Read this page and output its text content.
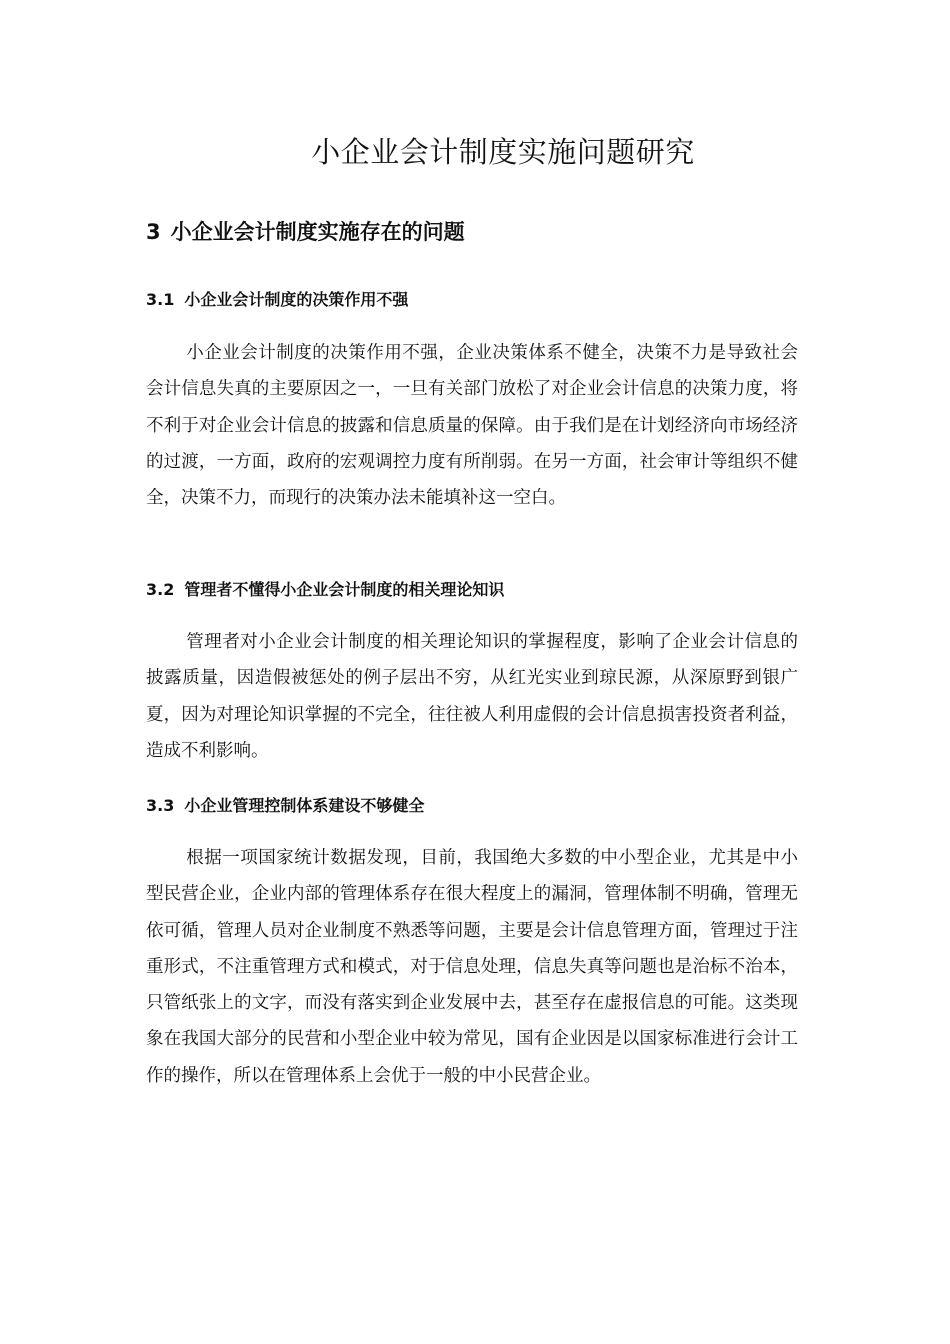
小企业会计制度实施问题研究
3 小企业会计制度实施存在的问题
3.1 小企业会计制度的决策作用不强

小企业会计制度的决策作用不强，企业决策体系不健全，决策不力是导致社会会计信息失真的主要原因之一，一旦有关部门放松了对企业会计信息的决策力度，将不利于对企业会计信息的披露和信息质量的保障。由于我们是在计划经济向市场经济的过渡，一方面，政府的宏观调控力度有所削弱。在另一方面，社会审计等组织不健全，决策不力，而现行的决策办法未能填补这一空白。

3.2 管理者不懂得小企业会计制度的相关理论知识

管理者对小企业会计制度的相关理论知识的掌握程度，影响了企业会计信息的披露质量，因造假被惩处的例子层出不穷，从红光实业到琼民源，从深原野到银广夏，因为对理论知识掌握的不完全，往往被人利用虚假的会计信息损害投资者利益，造成不利影响。

3.3 小企业管理控制体系建设不够健全

根据一项国家统计数据发现，目前，我国绝大多数的中小型企业，尤其是中小型民营企业，企业内部的管理体系存在很大程度上的漏洞，管理体制不明确，管理无依可循，管理人员对企业制度不熟悉等问题，主要是会计信息管理方面，管理过于注重形式，不注重管理方式和模式，对于信息处理，信息失真等问题也是治标不治本，只管纸张上的文字，而没有落实到企业发展中去，甚至存在虚报信息的可能。这类现象在我国大部分的民营和小型企业中较为常见，国有企业因是以国家标准进行会计工作的操作，所以在管理体系上会优于一般的中小民营企业。
